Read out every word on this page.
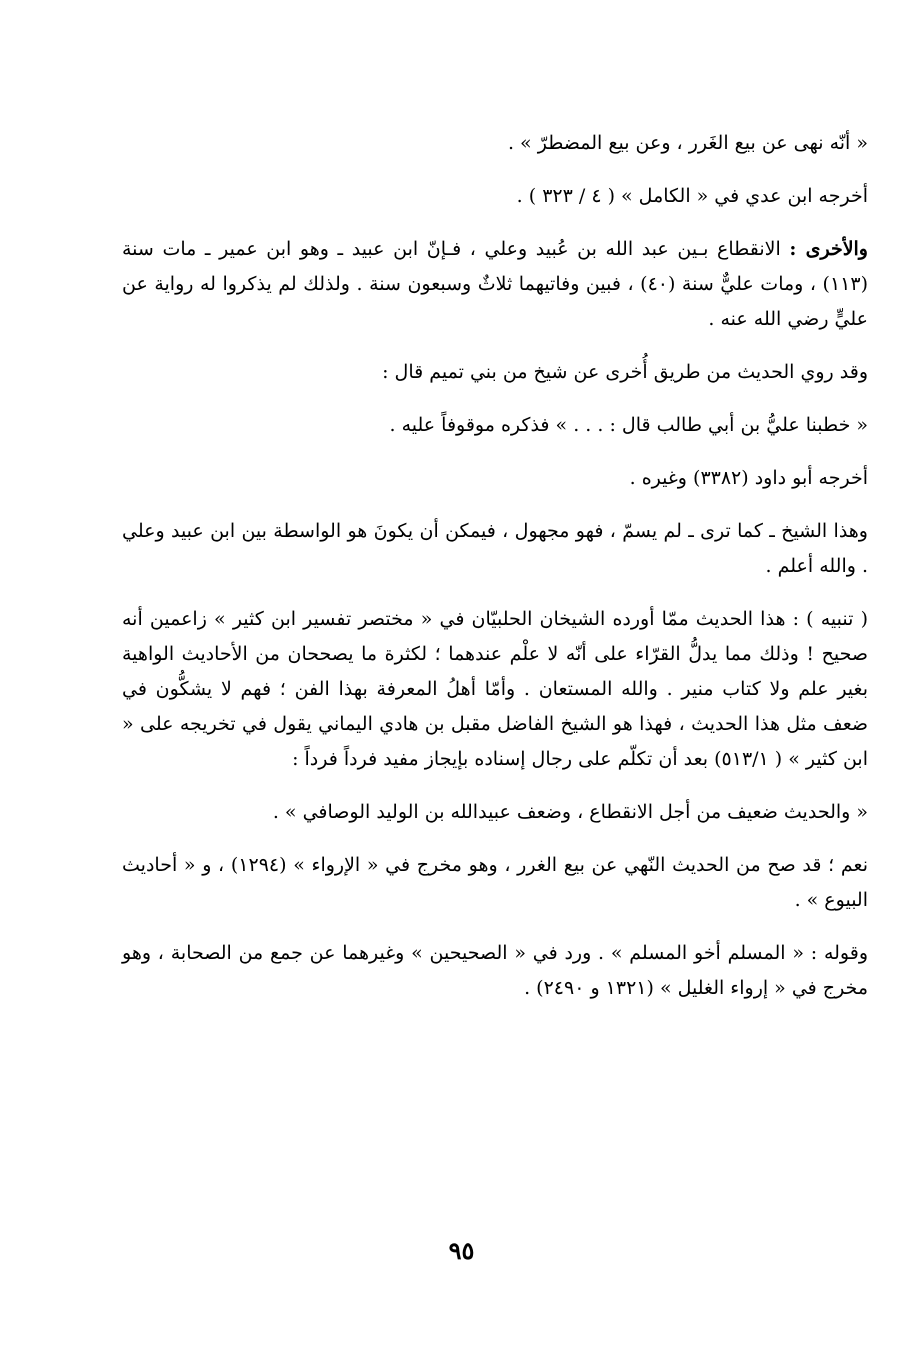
« أنّه نهى عن بيع الغَرر ، وعن بيع المضطرّ » .

أخرجه ابن عدي في « الكامل » ( ٤ / ٣٢٣ ) .

والأخرى : الانقطاع بـين عبد الله بن عُبيد وعلي ، فـإنّ ابن عبيد ـ وهو ابن عمير ـ مات سنة (١١٣) ، ومات عليٌّ سنة (٤٠) ، فبين وفاتيهما ثلاثٌ وسبعون سنة . ولذلك لم يذكروا له رواية عن عليٍّ رضي الله عنه .

وقد روي الحديث من طريق أُخرى عن شيخ من بني تميم قال :

« خطبنا عليُّ بن أبي طالب قال : . . . » فذكره موقوفاً عليه .

أخرجه أبو داود (٣٣٨٢) وغيره .

وهذا الشيخ ـ كما ترى ـ لم يسمّ ، فهو مجهول ، فيمكن أن يكونَ هو الواسطة بين ابن عبيد وعلي . والله أعلم .

( تنبيه ) : هذا الحديث ممّا أورده الشيخان الحلبيّان في « مختصر تفسير ابن كثير » زاعمين أنه صحيح ! وذلك مما يدلُّ القرّاء على أنّه لا علْم عندهما ؛ لكثرة ما يصححان من الأحاديث الواهية بغير علم ولا كتاب منير . والله المستعان . وأمّا أهلُ المعرفة بهذا الفن ؛ فهم لا يشكُّون في ضعف مثل هذا الحديث ، فهذا هو الشيخ الفاضل مقبل بن هادي اليماني يقول في تخريجه على « ابن كثير » ( ٥١٣/١) بعد أن تكلّم على رجال إسناده بإيجاز مفيد فرداً فرداً :

« والحديث ضعيف من أجل الانقطاع ، وضعف عبيدالله بن الوليد الوصافي » .

نعم ؛ قد صح من الحديث النّهي عن بيع الغرر ، وهو مخرج في « الإرواء » (١٢٩٤) ، و « أحاديث البيوع » .

وقوله : « المسلم أخو المسلم » . ورد في « الصحيحين » وغيرهما عن جمع من الصحابة ، وهو مخرج في « إرواء الغليل » (١٣٢١ و ٢٤٩٠) .

٩٥
